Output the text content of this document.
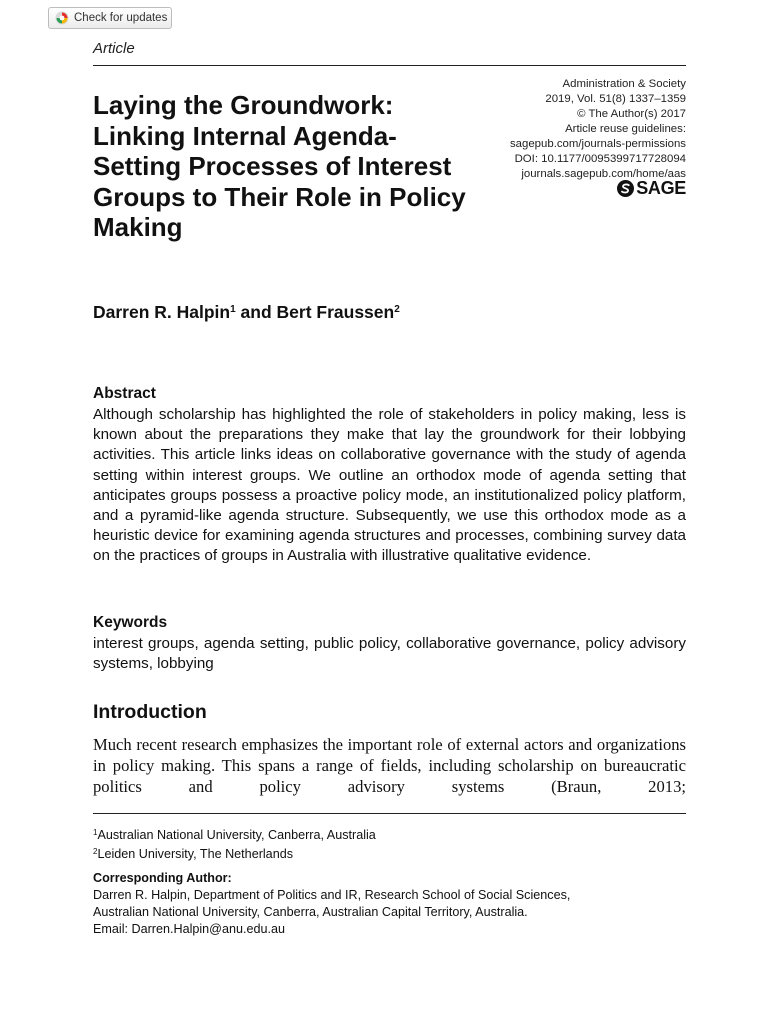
Check for updates
Article
Laying the Groundwork: Linking Internal Agenda-Setting Processes of Interest Groups to Their Role in Policy Making
Administration & Society
2019, Vol. 51(8) 1337–1359
© The Author(s) 2017
Article reuse guidelines:
sagepub.com/journals-permissions
DOI: 10.1177/0095399717728094
journals.sagepub.com/home/aas
SAGE
Darren R. Halpin$^1$ and Bert Fraussen$^2$
Abstract

Although scholarship has highlighted the role of stakeholders in policy making, less is known about the preparations they make that lay the groundwork for their lobbying activities. This article links ideas on collaborative governance with the study of agenda setting within interest groups. We outline an orthodox mode of agenda setting that anticipates groups possess a proactive policy mode, an institutionalized policy platform, and a pyramid-like agenda structure. Subsequently, we use this orthodox mode as a heuristic device for examining agenda structures and processes, combining survey data on the practices of groups in Australia with illustrative qualitative evidence.

Keywords

interest groups, agenda setting, public policy, collaborative governance, policy advisory systems, lobbying

Introduction

Much recent research emphasizes the important role of external actors and organizations in policy making. This spans a range of fields, including scholarship on bureaucratic politics and policy advisory systems (Braun, 2013;

$^1$Australian National University, Canberra, Australia
$^2$Leiden University, The Netherlands
Corresponding Author:
Darren R. Halpin, Department of Politics and IR, Research School of Social Sciences,
Australian National University, Canberra, Australian Capital Territory, Australia.
Email: Darren.Halpin@anu.edu.au
